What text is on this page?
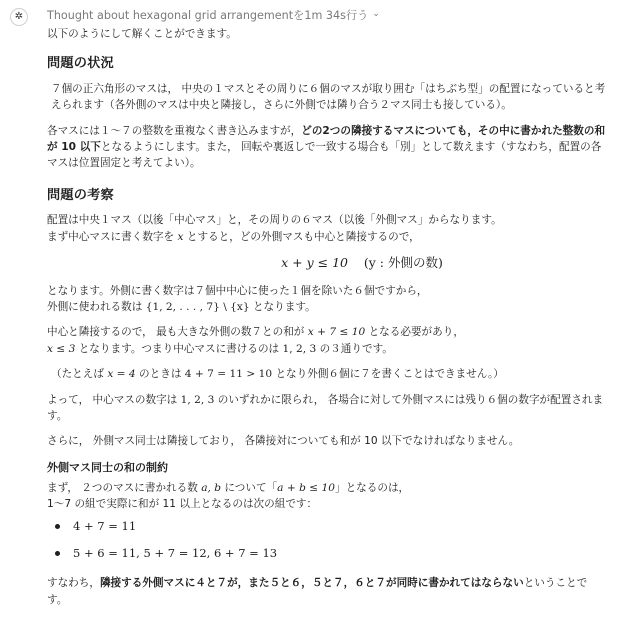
✲	Thought about hexagonal grid arrangementを1m 34s行う ⌄

以下のようにして解くことができます。

問題の状況

７個の正六角形のマスは， 中央の１マスとその周りに６個のマスが取り囲む「はちぶち型」の配置になっていると考えられます（各外側のマスは中央と隣接し，さらに外側では隣り合う２マス同士も接している）。

各マスには１〜７の整数を重複なく書き込みますが，どの2つの隣接するマスについても，その中に書かれた整数の和が 10 以下となるようにします。また， 回転や裏返しで一致する場合も「別」として数えます（すなわち，配置の各マスは位置固定と考えてよい）。

問題の考察

配置は中央１マス（以後「中心マス」と，その周りの６マス（以後「外側マス」からなります。

まず中心マスに書く数字を x とすると，どの外側マスも中心と隣接するので，

x + y ≤ 10 (y : 外側の数)

となります。外側に書く数字は７個中中心に使った１個を除いた６個ですから，

外側に使われる数は {1, 2, . . . , 7} \ {x} となります。

中心と隣接するので， 最も大きな外側の数７との和が x + 7 ≤ 10 となる必要があり，

x ≤ 3 となります。つまり中心マスに書けるのは 1, 2, 3 の３通りです。

（たとえば x = 4 のときは 4 + 7 = 11 > 10 となり外側６個に７を書くことはできません。）

よって， 中心マスの数字は 1, 2, 3 のいずれかに限られ， 各場合に対して外側マスには残り６個の数字が配置されます。

さらに， 外側マス同士は隣接しており， 各隣接対についても和が 10 以下でなければなりません。

外側マス同士の和の制約

まず， ２つのマスに書かれる数 a, b について「a + b ≤ 10」となるのは，

1〜7 の組で実際に和が 11 以上となるのは次の組です：

4 + 7 = 11
5 + 6 = 11, 5 + 7 = 12, 6 + 7 = 13

すなわち，隣接する外側マスに４と７が，また５と６，５と７，６と７が同時に書かれてはならないということです。
